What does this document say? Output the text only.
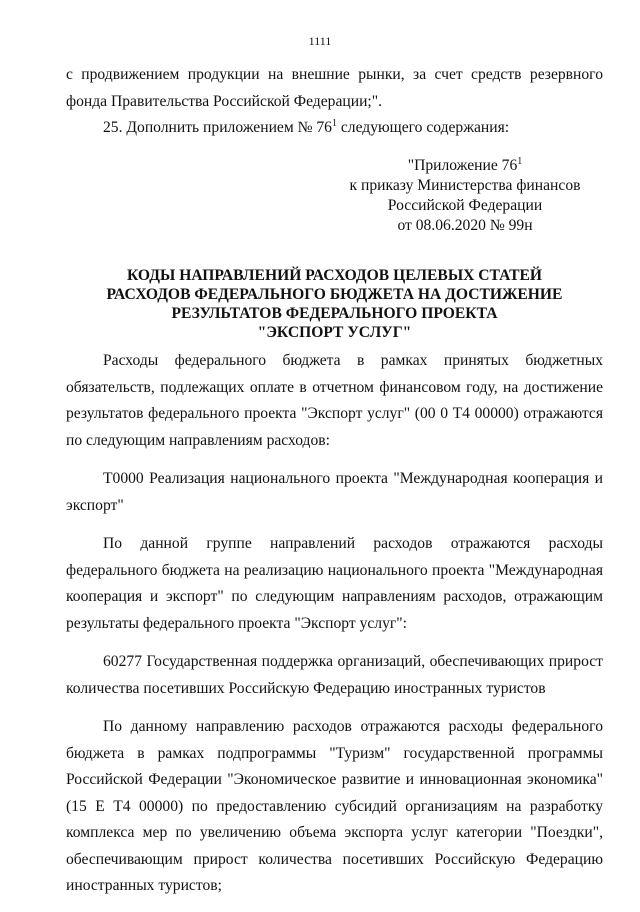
1111
с продвижением продукции на внешние рынки, за счет средств резервного фонда Правительства Российской Федерации;".
25. Дополнить приложением № $76^1$ следующего содержания:
"Приложение $76^1$
к приказу Министерства финансов
Российской Федерации
от 08.06.2020 № 99н
КОДЫ НАПРАВЛЕНИЙ РАСХОДОВ ЦЕЛЕВЫХ СТАТЕЙ
РАСХОДОВ ФЕДЕРАЛЬНОГО БЮДЖЕТА НА ДОСТИЖЕНИЕ
РЕЗУЛЬТАТОВ ФЕДЕРАЛЬНОГО ПРОЕКТА
"ЭКСПОРТ УСЛУГ"

Расходы федерального бюджета в рамках принятых бюджетных обязательств, подлежащих оплате в отчетном финансовом году, на достижение результатов федерального проекта "Экспорт услуг" (00 0 Т4 00000) отражаются по следующим направлениям расходов:

Т0000 Реализация национального проекта "Международная кооперация и экспорт"

По данной группе направлений расходов отражаются расходы федерального бюджета на реализацию национального проекта "Международная кооперация и экспорт" по следующим направлениям расходов, отражающим результаты федерального проекта "Экспорт услуг":

60277 Государственная поддержка организаций, обеспечивающих прирост количества посетивших Российскую Федерацию иностранных туристов

По данному направлению расходов отражаются расходы федерального бюджета в рамках подпрограммы "Туризм" государственной программы Российской Федерации "Экономическое развитие и инновационная экономика" (15 Е Т4 00000) по предоставлению субсидий организациям на разработку комплекса мер по увеличению объема экспорта услуг категории "Поездки", обеспечивающим прирост количества посетивших Российскую Федерацию иностранных туристов;
